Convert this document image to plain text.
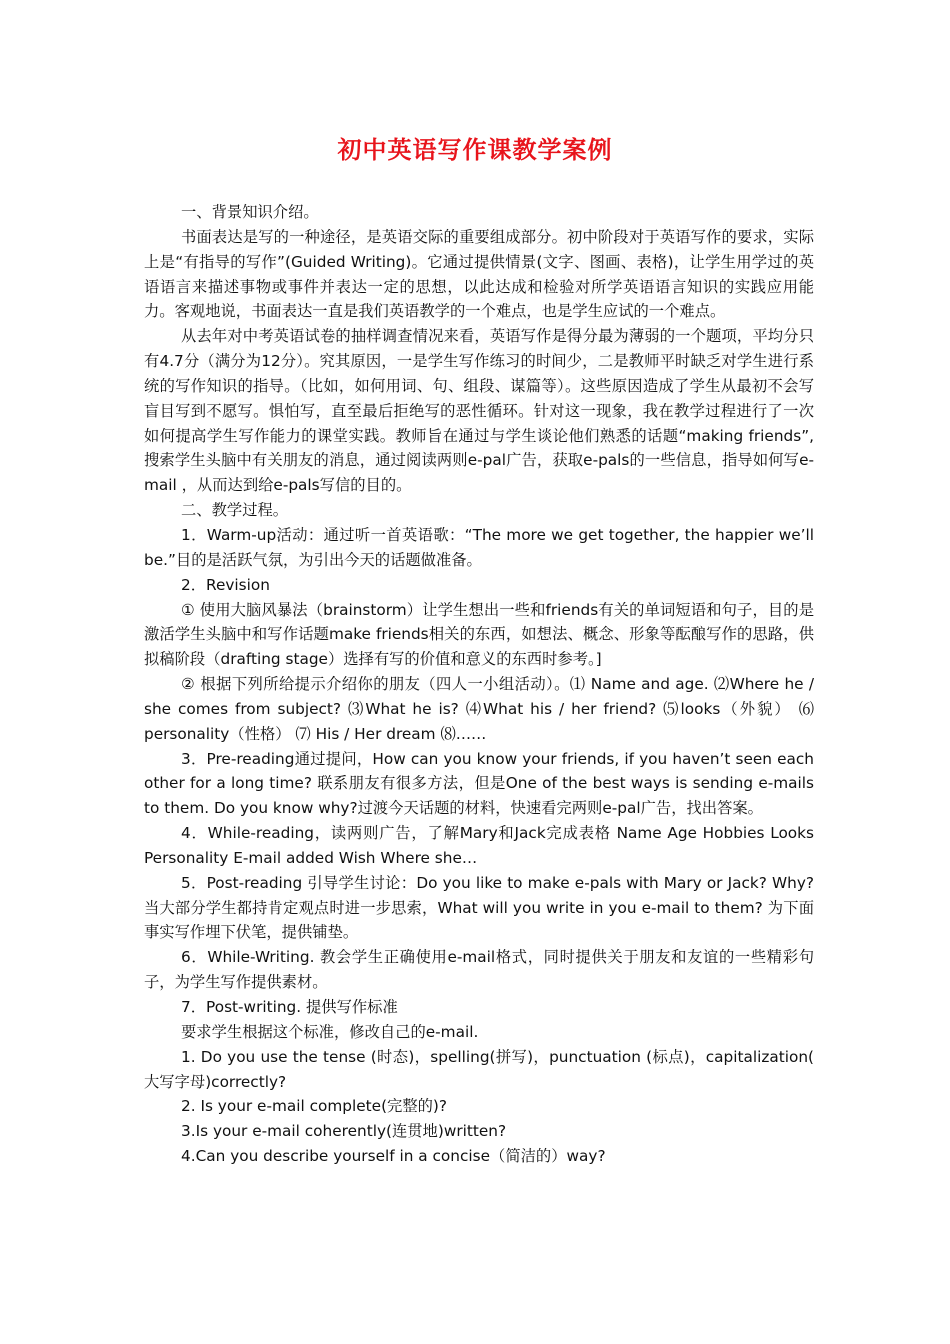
初中英语写作课教学案例

一、背景知识介绍。

书面表达是写的一种途径，是英语交际的重要组成部分。初中阶段对于英语写作的要求，实际上是“有指导的写作”(Guided Writing)。它通过提供情景(文字、图画、表格)，让学生用学过的英语语言来描述事物或事件并表达一定的思想，以此达成和检验对所学英语语言知识的实践应用能力。客观地说，书面表达一直是我们英语教学的一个难点，也是学生应试的一个难点。

从去年对中考英语试卷的抽样调查情况来看，英语写作是得分最为薄弱的一个题项，平均分只有4.7分（满分为12分）。究其原因，一是学生写作练习的时间少，二是教师平时缺乏对学生进行系统的写作知识的指导。（比如，如何用词、句、组段、谋篇等）。这些原因造成了学生从最初不会写盲目写到不愿写。惧怕写，直至最后拒绝写的恶性循环。针对这一现象，我在教学过程进行了一次如何提高学生写作能力的课堂实践。教师旨在通过与学生谈论他们熟悉的话题“making friends”, 搜索学生头脑中有关朋友的消息，通过阅读两则e-pal广告，获取e-pals的一些信息，指导如何写e-mail ，从而达到给e-pals写信的目的。

二、教学过程。

1．Warm-up活动：通过听一首英语歌：“The more we get together, the happier we’ll be.”目的是活跃气氛，为引出今天的话题做准备。

2．Revision

① 使用大脑风暴法（brainstorm）让学生想出一些和friends有关的单词短语和句子，目的是激活学生头脑中和写作话题make friends相关的东西，如想法、概念、形象等酝酿写作的思路，供拟稿阶段（drafting stage）选择有写的价值和意义的东西时参考。]

② 根据下列所给提示介绍你的朋友（四人一小组活动）。⑴ Name and age. ⑵Where he / she comes from subject? ⑶What he is? ⑷What his / her friend? ⑸looks（外貌） ⑹ personality（性格） ⑺ His / Her dream ⑻……

3．Pre-reading通过提问，How can you know your friends, if you haven’t seen each other for a long time? 联系朋友有很多方法，但是One of the best ways is sending e-mails to them. Do you know why?过渡今天话题的材料，快速看完两则e-pal广告，找出答案。

4．While-reading，读两则广告，了解Mary和Jack完成表格 Name Age Hobbies Looks Personality E-mail added Wish Where she…

5．Post-reading 引导学生讨论：Do you like to make e-pals with Mary or Jack? Why? 当大部分学生都持肯定观点时进一步思索，What will you write in you e-mail to them? 为下面事实写作埋下伏笔，提供铺垫。

6．While-Writing. 教会学生正确使用e-mail格式，同时提供关于朋友和友谊的一些精彩句子，为学生写作提供素材。

7．Post-writing. 提供写作标准

要求学生根据这个标准，修改自己的e-mail.

1. Do you use the tense (时态)，spelling(拼写)，punctuation (标点)，capitalization( 大写字母)correctly?

2. Is your e-mail complete(完整的)?

3.Is your e-mail coherently(连贯地)written?

4.Can you describe yourself in a concise（简洁的）way?
